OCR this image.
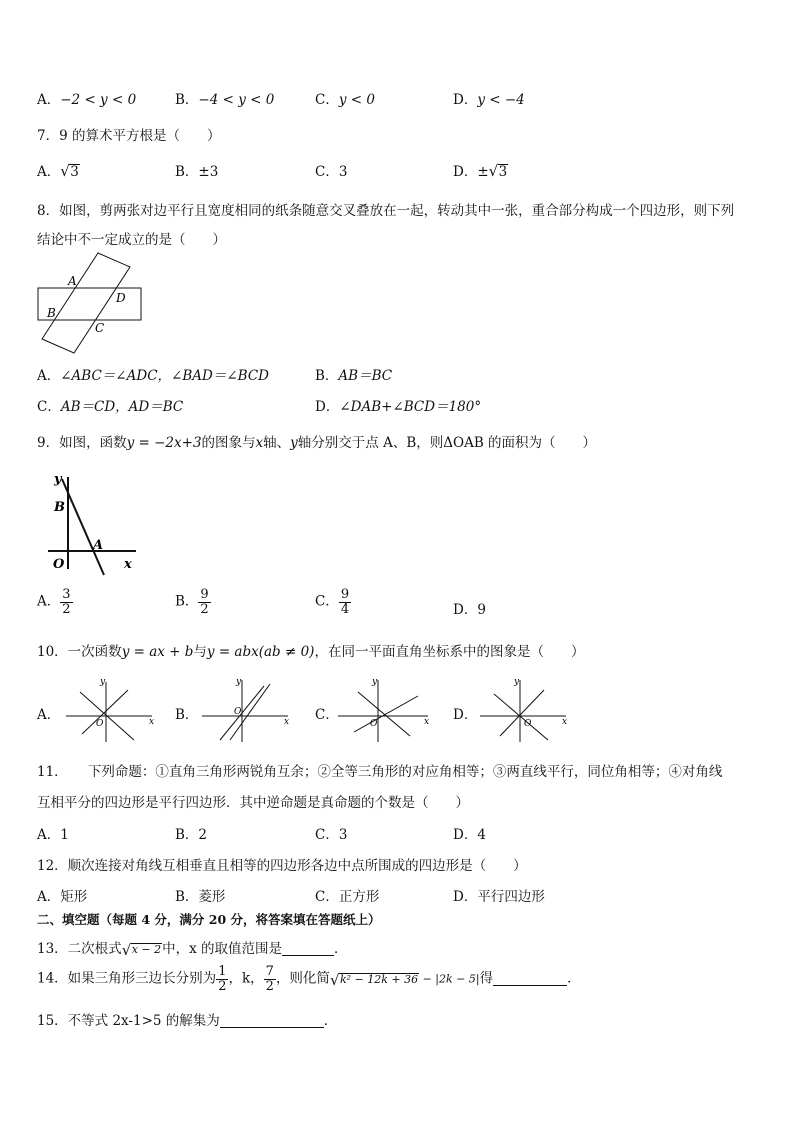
A．−2 < y < 0	B．−4 < y < 0	C．y < 0	D．y < −4
7．9 的算术平方根是（　　）
A． √ 3	B．±3	C．3	D．± √ 3
8．如图，剪两张对边平行且宽度相同的纸条随意交叉叠放在一起，转动其中一张，重合部分构成一个四边形，则下列
结论中不一定成立的是（　　）
A
D
B
C
A．∠ABC＝∠ADC，∠BAD＝∠BCD	B．AB＝BC
C．AB＝CD，AD＝BC	D．∠DAB+∠BCD＝180°
9．如图，函数y = −2x+3的图象与x轴、y轴分别交于点 A、B，则ΔOAB 的面积为（　　）
y
B
O
A
x
A． $\frac{3}{2}$	B． $\frac{9}{2}$	C． $\frac{9}{4}$	D．9
10．一次函数y = ax + b与y = abx(ab ≠ 0)，在同一平面直角坐标系中的图象是（　　）
A．
y
O	x B．
y
O
x C．
y
O	x D．
y
O	x
11．　　下列命题：①直角三角形两锐角互余；②全等三角形的对应角相等；③两直线平行，同位角相等；④对角线
互相平分的四边形是平行四边形．其中逆命题是真命题的个数是（　　）
A．1	B．2	C．3	D．4
12．顺次连接对角线互相垂直且相等的四边形各边中点所围成的四边形是（　　）
A．矩形	B．菱形	C．正方形	D．平行四边形
二、填空题（每题 4 分，满分 20 分，将答案填在答题纸上）
13．二次根式 √ x − 2中，x 的取值范围是	．
14．如果三角形三边长分别为 $\frac{1}{2}$ ，k， $\frac{7}{2}$ ，则化简 √ k² − 12k + 36 − |2k − 5|得	．
15．不等式 2x-1>5 的解集为	．
